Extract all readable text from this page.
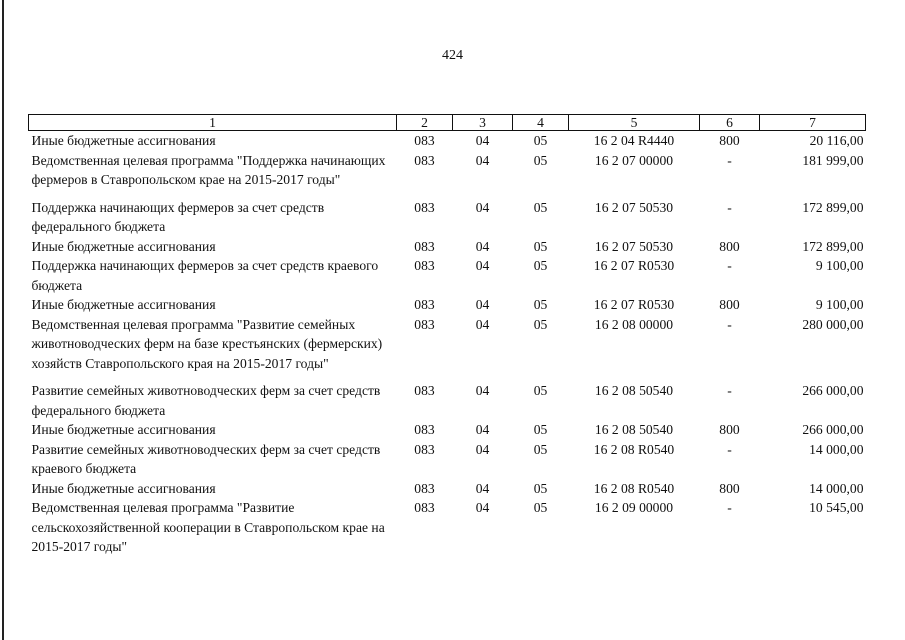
424
1	2	3	4	5	6	7
Иные бюджетные ассигнования	083	04	05	16 2 04 R4440	800	20 116,00
Ведомственная целевая программа "Поддержка начинающих фермеров в Ставропольском крае на 2015-2017 годы"	083	04	05	16 2 07 00000	-	181 999,00
Поддержка начинающих фермеров за счет средств федерального бюджета	083	04	05	16 2 07 50530	-	172 899,00
Иные бюджетные ассигнования	083	04	05	16 2 07 50530	800	172 899,00
Поддержка начинающих фермеров за счет средств краевого бюджета	083	04	05	16 2 07 R0530	-	9 100,00
Иные бюджетные ассигнования	083	04	05	16 2 07 R0530	800	9 100,00
Ведомственная целевая программа "Развитие семейных животноводческих ферм на базе крестьянских (фермерских) хозяйств Ставропольского края на 2015-2017 годы"	083	04	05	16 2 08 00000	-	280 000,00
Развитие семейных животноводческих ферм за счет средств федерального бюджета	083	04	05	16 2 08 50540	-	266 000,00
Иные бюджетные ассигнования	083	04	05	16 2 08 50540	800	266 000,00
Развитие семейных животноводческих ферм за счет средств краевого бюджета	083	04	05	16 2 08 R0540	-	14 000,00
Иные бюджетные ассигнования	083	04	05	16 2 08 R0540	800	14 000,00
Ведомственная целевая программа "Развитие сельскохозяйственной кооперации в Ставропольском крае на 2015-2017 годы"	083	04	05	16 2 09 00000	-	10 545,00
